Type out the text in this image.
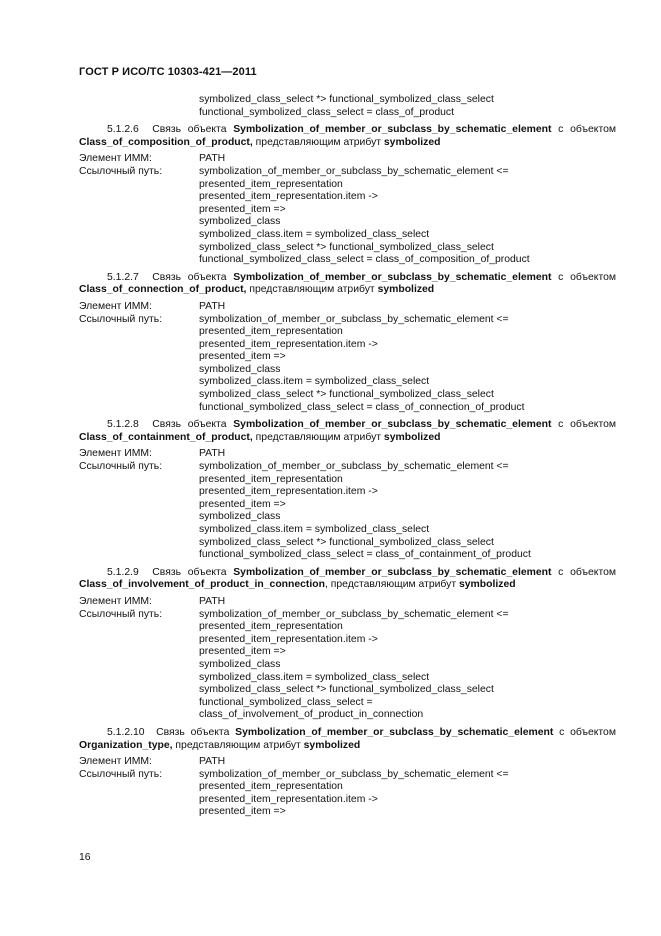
ГОСТ Р ИСО/ТС 10303-421—2011
symbolized_class_select *> functional_symbolized_class_select
functional_symbolized_class_select = class_of_product
5.1.2.6 Связь объекта Symbolization_of_member_or_subclass_by_schematic_element с объектом Class_of_composition_of_product, представляющим атрибут symbolized
Элемент ИММ:	PATH
Ссылочный путь:	symbolization_of_member_or_subclass_by_schematic_element <=
presented_item_representation
presented_item_representation.item ->
presented_item =>
symbolized_class
symbolized_class.item = symbolized_class_select
symbolized_class_select *> functional_symbolized_class_select
functional_symbolized_class_select = class_of_composition_of_product
5.1.2.7 Связь объекта Symbolization_of_member_or_subclass_by_schematic_element с объектом Class_of_connection_of_product, представляющим атрибут symbolized
Элемент ИММ:	PATH
Ссылочный путь:	symbolization_of_member_or_subclass_by_schematic_element <=
presented_item_representation
presented_item_representation.item ->
presented_item =>
symbolized_class
symbolized_class.item = symbolized_class_select
symbolized_class_select *> functional_symbolized_class_select
functional_symbolized_class_select = class_of_connection_of_product
5.1.2.8 Связь объекта Symbolization_of_member_or_subclass_by_schematic_element с объектом Class_of_containment_of_product, представляющим атрибут symbolized
Элемент ИММ:	PATH
Ссылочный путь:	symbolization_of_member_or_subclass_by_schematic_element <=
presented_item_representation
presented_item_representation.item ->
presented_item =>
symbolized_class
symbolized_class.item = symbolized_class_select
symbolized_class_select *> functional_symbolized_class_select
functional_symbolized_class_select = class_of_containment_of_product
5.1.2.9 Связь объекта Symbolization_of_member_or_subclass_by_schematic_element с объектом Class_of_involvement_of_product_in_connection, представляющим атрибут symbolized
Элемент ИММ:	PATH
Ссылочный путь:	symbolization_of_member_or_subclass_by_schematic_element <=
presented_item_representation
presented_item_representation.item ->
presented_item =>
symbolized_class
symbolized_class.item = symbolized_class_select
symbolized_class_select *> functional_symbolized_class_select
functional_symbolized_class_select =
class_of_involvement_of_product_in_connection
5.1.2.10 Связь объекта Symbolization_of_member_or_subclass_by_schematic_element с объектом Organization_type, представляющим атрибут symbolized
Элемент ИММ:	PATH
Ссылочный путь:	symbolization_of_member_or_subclass_by_schematic_element <=
presented_item_representation
presented_item_representation.item ->
presented_item =>
16
